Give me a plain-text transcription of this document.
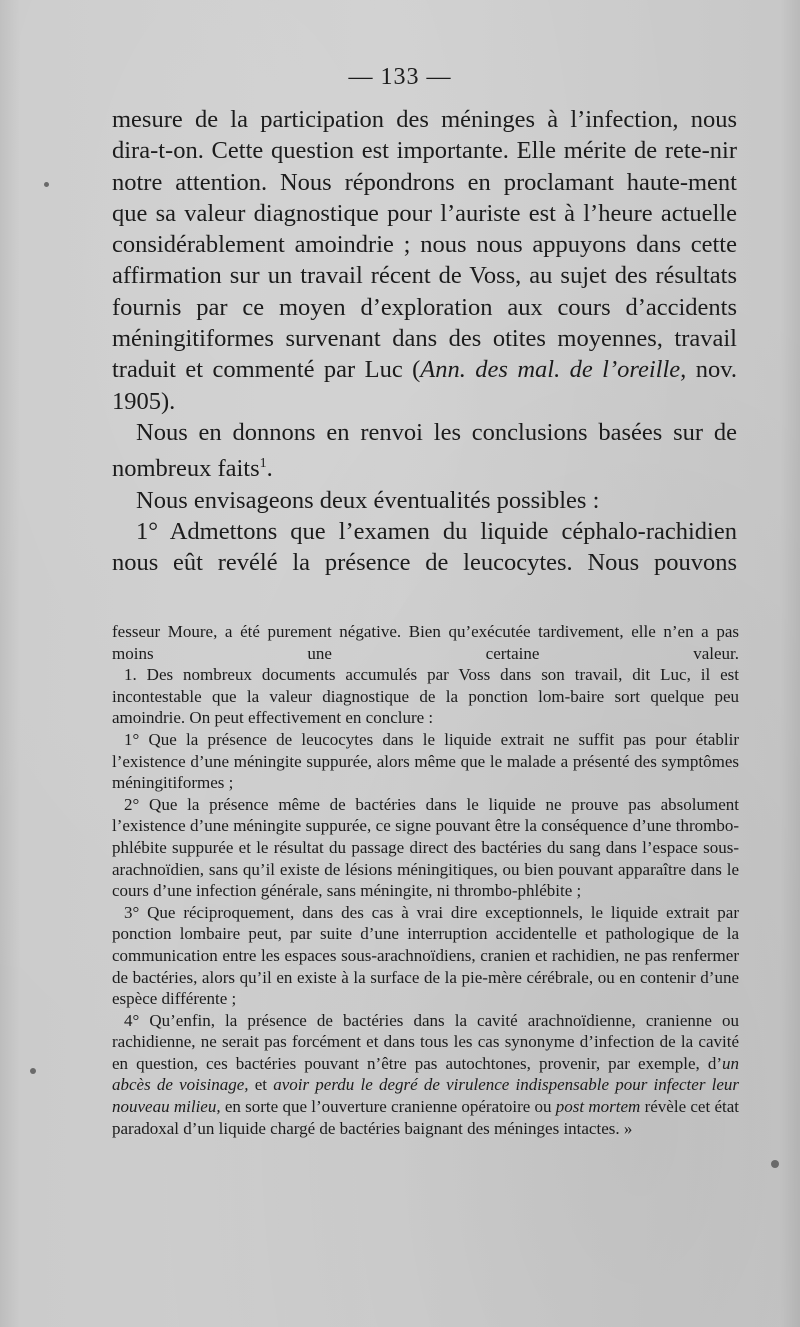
— 133 —

mesure de la participation des méninges à l’infection, nous dira-t-on. Cette question est importante. Elle mérite de rete-nir notre attention. Nous répondrons en proclamant haute-ment que sa valeur diagnostique pour l’auriste est à l’heure actuelle considérablement amoindrie ; nous nous appuyons dans cette affirmation sur un travail récent de Voss, au sujet des résultats fournis par ce moyen d’exploration aux cours d’accidents méningitiformes survenant dans des otites moyennes, travail traduit et commenté par Luc (Ann. des mal. de l’oreille, nov. 1905).

Nous en donnons en renvoi les conclusions basées sur de nombreux faits$^1$.

Nous envisageons deux éventualités possibles :

1° Admettons que l’examen du liquide céphalo-rachidien nous eût revélé la présence de leucocytes. Nous pouvons

fesseur Moure, a été purement négative. Bien qu’exécutée tardivement, elle n’en a pas moins une certaine valeur.

1. Des nombreux documents accumulés par Voss dans son travail, dit Luc, il est incontestable que la valeur diagnostique de la ponction lom-baire sort quelque peu amoindrie. On peut effectivement en conclure :

1° Que la présence de leucocytes dans le liquide extrait ne suffit pas pour établir l’existence d’une méningite suppurée, alors même que le malade a présenté des symptômes méningitiformes ;

2° Que la présence même de bactéries dans le liquide ne prouve pas absolument l’existence d’une méningite suppurée, ce signe pouvant être la conséquence d’une thrombo-phlébite suppurée et le résultat du passage direct des bactéries du sang dans l’espace sous-arachnoïdien, sans qu’il existe de lésions méningitiques, ou bien pouvant apparaître dans le cours d’une infection générale, sans méningite, ni thrombo-phlébite ;

3° Que réciproquement, dans des cas à vrai dire exceptionnels, le liquide extrait par ponction lombaire peut, par suite d’une interruption accidentelle et pathologique de la communication entre les espaces sous-arachnoïdiens, cranien et rachidien, ne pas renfermer de bactéries, alors qu’il en existe à la surface de la pie-mère cérébrale, ou en contenir d’une espèce différente ;

4° Qu’enfin, la présence de bactéries dans la cavité arachnoïdienne, cranienne ou rachidienne, ne serait pas forcément et dans tous les cas synonyme d’infection de la cavité en question, ces bactéries pouvant n’être pas autochtones, provenir, par exemple, d’un abcès de voisinage, et avoir perdu le degré de virulence indispensable pour infecter leur nouveau milieu, en sorte que l’ouverture cranienne opératoire ou post mortem révèle cet état paradoxal d’un liquide chargé de bactéries baignant des méninges intactes. »
